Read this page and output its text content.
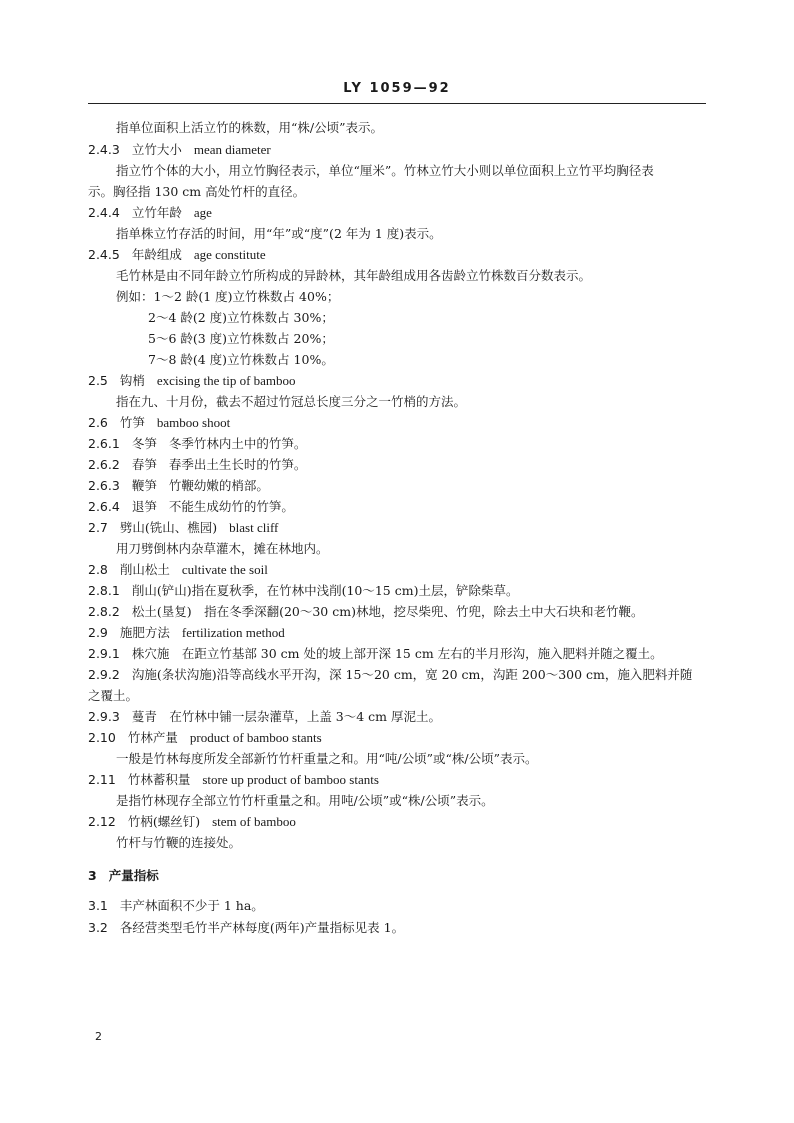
LY 1059—92
指单位面积上活立竹的株数，用“株/公顷”表示。
2.4.3 立竹大小 mean diameter
指立竹个体的大小，用立竹胸径表示，单位“厘米”。竹林立竹大小则以单位面积上立竹平均胸径表
示。胸径指 130 cm 高处竹杆的直径。
2.4.4 立竹年龄 age
指单株立竹存活的时间，用“年”或“度”(2 年为 1 度)表示。
2.4.5 年龄组成 age constitute
毛竹林是由不同年龄立竹所构成的异龄林，其年龄组成用各齿龄立竹株数百分数表示。
例如：1～2 龄(1 度)立竹株数占 40%；
2～4 龄(2 度)立竹株数占 30%；
5～6 龄(3 度)立竹株数占 20%；
7～8 龄(4 度)立竹株数占 10%。
2.5 钩梢 excising the tip of bamboo
指在九、十月份，截去不超过竹冠总长度三分之一竹梢的方法。
2.6 竹笋 bamboo shoot
2.6.1 冬笋 冬季竹林内土中的竹笋。
2.6.2 春笋 春季出土生长时的竹笋。
2.6.3 鞭笋 竹鞭幼嫩的梢部。
2.6.4 退笋 不能生成幼竹的竹笋。
2.7 劈山(铣山、樵园) blast cliff
用刀劈倒林内杂草灌木，摊在林地内。
2.8 削山松土 cultivate the soil
2.8.1 削山(铲山)指在夏秋季，在竹林中浅削(10～15 cm)土层，铲除柴草。
2.8.2 松土(垦复)　指在冬季深翻(20～30 cm)林地，挖尽柴兜、竹兜，除去土中大石块和老竹鞭。
2.9 施肥方法 fertilization method
2.9.1 株穴施　在距立竹基部 30 cm 处的坡上部开深 15 cm 左右的半月形沟，施入肥料并随之覆土。
2.9.2 沟施(条状沟施)沿等高线水平开沟，深 15～20 cm，宽 20 cm，沟距 200～300 cm，施入肥料并随
之覆土。
2.9.3 蔓青　在竹林中铺一层杂灌草，上盖 3～4 cm 厚泥土。
2.10 竹林产量 product of bamboo stants
一般是竹林每度所发全部新竹竹杆重量之和。用“吨/公顷”或“株/公顷”表示。
2.11 竹林蓄积量 store up product of bamboo stants
是指竹林现存全部立竹竹杆重量之和。用吨/公顷”或“株/公顷”表示。
2.12 竹柄(螺丝钉) stem of bamboo
竹杆与竹鞭的连接处。
3 产量指标
3.1 丰产林面积不少于 1 ha。
3.2 各经营类型毛竹半产林每度(两年)产量指标见表 1。
2
